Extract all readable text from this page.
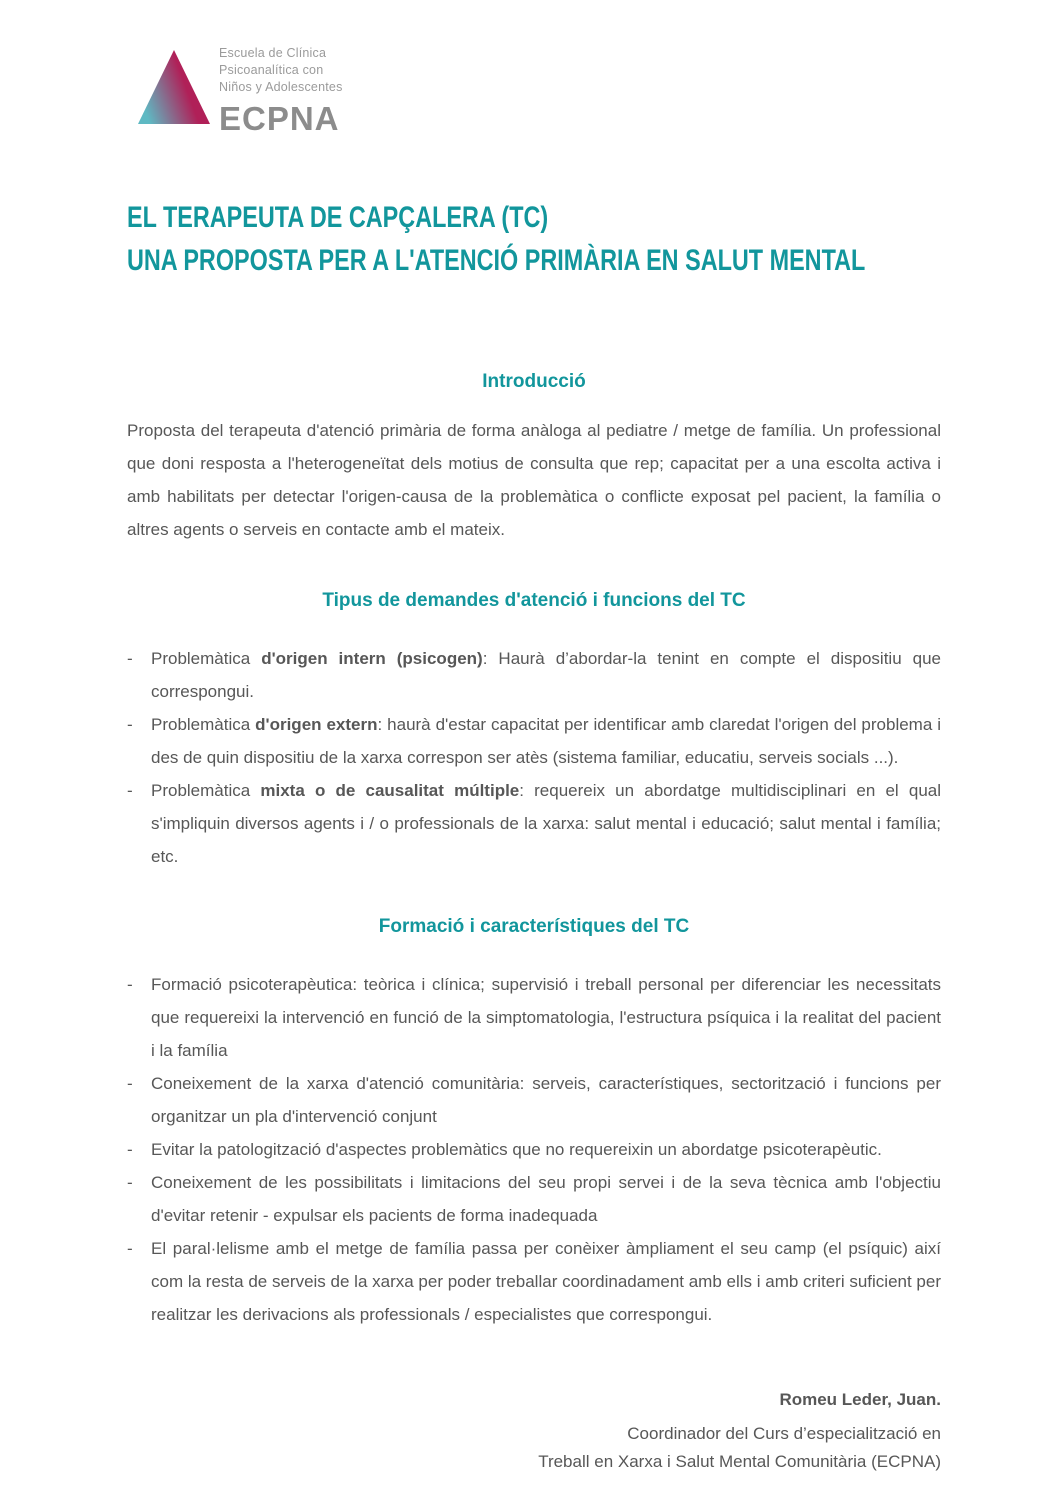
Escuela de Clínica
Psicoanalítica con
Niños y Adolescentes
ECPNA
EL TERAPEUTA DE CAPÇALERA (TC)
UNA PROPOSTA PER A L'ATENCIÓ PRIMÀRIA EN SALUT MENTAL
Introducció

Proposta del terapeuta d'atenció primària de forma anàloga al pediatre / metge de família. Un professional que doni resposta a l'heterogeneïtat dels motius de consulta que rep; capacitat per a una escolta activa i amb habilitats per detectar l'origen-causa de la problemàtica o conflicte exposat pel pacient, la família o altres agents o serveis en contacte amb el mateix.

Tipus de demandes d'atenció i funcions del TC
- Problemàtica d'origen intern (psicogen): Haurà d’abordar-la tenint en compte el dispositiu que correspongui.
- Problemàtica d'origen extern: haurà d'estar capacitat per identificar amb claredat l'origen del problema i des de quin dispositiu de la xarxa correspon ser atès (sistema familiar, educatiu, serveis socials ...).
- Problemàtica mixta o de causalitat múltiple: requereix un abordatge multidisciplinari en el qual s'impliquin diversos agents i / o professionals de la xarxa: salut mental i educació; salut mental i família; etc.
Formació i característiques del TC
- Formació psicoterapèutica: teòrica i clínica; supervisió i treball personal per diferenciar les necessitats que requereixi la intervenció en funció de la simptomatologia, l'estructura psíquica i la realitat del pacient i la família
- Coneixement de la xarxa d'atenció comunitària: serveis, característiques, sectorització i funcions per organitzar un pla d'intervenció conjunt
- Evitar la patologització d'aspectes problemàtics que no requereixin un abordatge psicoterapèutic.
- Coneixement de les possibilitats i limitacions del seu propi servei i de la seva tècnica amb l'objectiu d'evitar retenir - expulsar els pacients de forma inadequada
- El paral·lelisme amb el metge de família passa per conèixer àmpliament el seu camp (el psíquic) així com la resta de serveis de la xarxa per poder treballar coordinadament amb ells i amb criteri suficient per realitzar les derivacions als professionals / especialistes que correspongui.
Romeu Leder, Juan.
Coordinador del Curs d’especialització en
Treball en Xarxa i Salut Mental Comunitària (ECPNA)
